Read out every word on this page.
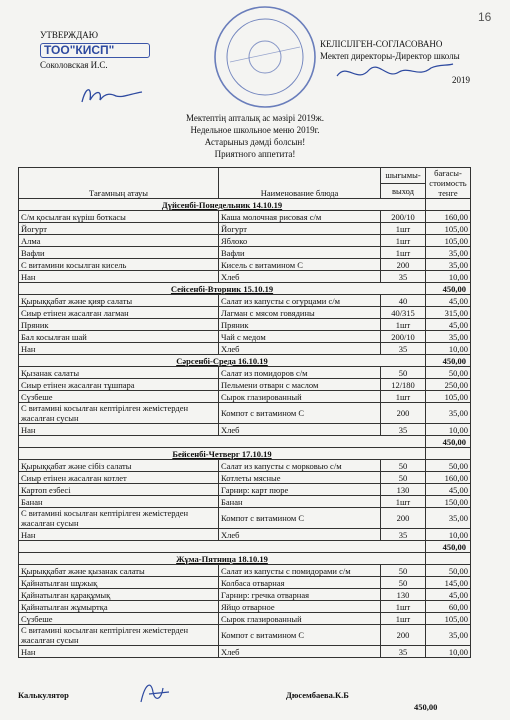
16
УТВЕРЖДАЮ
ТОО"КИСП"
Соколовская И.С.
КЕЛІСІЛГЕН-СОГЛАСОВАНО
Мектеп директоры-Директор школы
2019
Мектептің апталық ас мәзірі 2019ж.
Недельное школьное меню 2019г.
Астарыныз дәмді болсын!
Приятного аппетита!
Тағамның атауы	Наименование блюда	шығымы-	бағасы-стоимость тенге
		выход	
Дүйсенбі-Понедельник 14.10.19			
С/м қосылған күріш боткасы	Каша молочная рисовая с/м	200/10	160,00
Йогурт	Йогурт	1шт	105,00
Алма	Яблоко	1шт	105,00
Вафли	Вафли	1шт	35,00
С витамини косылган кисель	Кисель с витамином С	200	35,00
Нан	Хлеб	35	10,00
Сейсенбі-Вторник 15.10.19			450,00
Қырыққабат және қияр салаты	Салат из капусты с огурцами с/м	40	45,00
Сиыр етінен жасалған лагман	Лагман с мясом говядины	40/315	315,00
Пряник	Пряник	1шт	45,00
Бал косылған шай	Чай с медом	200/10	35,00
Нан	Хлеб	35	10,00
Сәрсенбі-Среда 16.10.19			450,00
Қызанак салаты	Салат из помидоров с/м	50	50,00
Сиыр етінен жасалған тұшпара	Пельмени отварн с маслом	12/180	250,00
Сүзбеше	Сырок глазированный	1шт	105,00
С витамині косылған кептірілген жемістерден жасалған сусын	Компот с витамином С	200	35,00
Нан	Хлеб	35	10,00
			450,00
Бейсенбі-Четверг 17.10.19			
Қырыққабат және сібіз салаты	Салат из капусты с морковью с/м	50	50,00
Сиыр етінен жасалған котлет	Котлеты мясные	50	160,00
Картоп езбесі	Гарнир: карт пюре	130	45,00
Банан	Банан	1шт	150,00
С витамині косылған кептірілген жемістерден жасалған сусын	Компот с витамином С	200	35,00
Нан	Хлеб	35	10,00
			450,00
Жұма-Пятница 18.10.19			
Қырыққабат және қызанак салаты	Салат из капусты с помидорами с/м	50	50,00
Қайнатылған шұжық	Колбаса отварная	50	145,00
Қайнатылған қарақұмық	Гарнир: гречка отварная	130	45,00
Қайнатылған жұмыртқа	Яйцо отварное	1шт	60,00
Сүзбеше	Сырок глазированный	1шт	105,00
С витамині косылған кептірілген жемістерден жасалған сусын	Компот с витамином С	200	35,00
Нан	Хлеб	35	10,00
Калькулятор	Дюсембаева.К.Б
450,00
